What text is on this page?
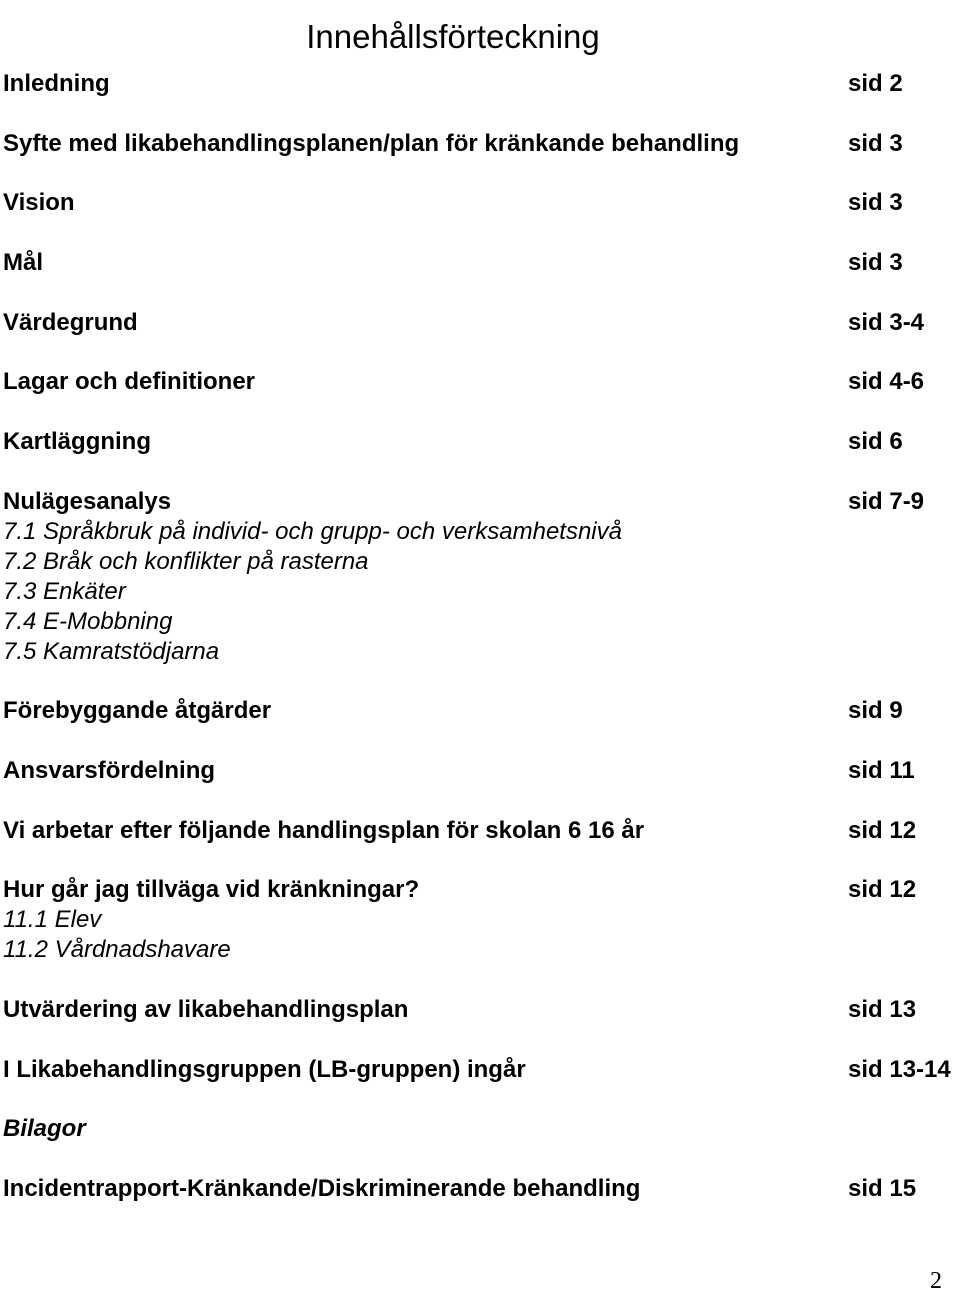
Innehållsförteckning
Inledning	sid 2
Syfte med likabehandlingsplanen/plan för kränkande behandling	sid 3
Vision	sid 3
Mål	sid 3
Värdegrund	sid 3-4
Lagar och definitioner	sid 4-6
Kartläggning	sid 6
Nulägesanalys	sid 7-9
7.1 Språkbruk på individ- och grupp- och verksamhetsnivå
7.2 Bråk och konflikter på rasterna
7.3 Enkäter
7.4 E-Mobbning
7.5 Kamratstödjarna
Förebyggande åtgärder	sid 9
Ansvarsfördelning	sid 11
Vi arbetar efter följande handlingsplan för skolan 6 16 år	sid 12
Hur går jag tillväga vid kränkningar?	sid 12
11.1 Elev
11.2 Vårdnadshavare
Utvärdering av likabehandlingsplan	sid 13
I Likabehandlingsgruppen (LB-gruppen) ingår	sid 13-14
Bilagor
Incidentrapport-Kränkande/Diskriminerande behandling	sid 15
2
